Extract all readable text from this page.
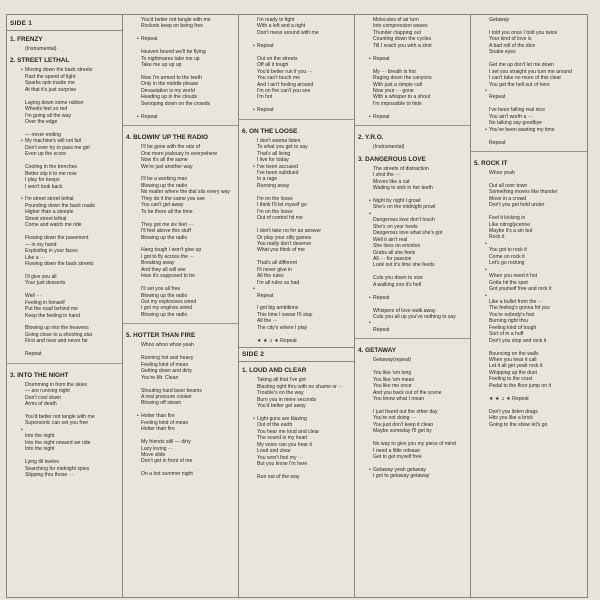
SIDE 1
1. FRENZY
(Instrumental)
2. STREET LETHAL
• Moving down the back streets
Past the speed of light
Sparks spin inside me
At that it's just surprise
Laying down some rubber
Wheels feel so red
I'm going all the way
Over the edge
— never ending
• My machine's will not fail
Don't ever try to pass me girl
Even up the score
Cooling in the trenches
Better slip it to me now
I play for keeps
I won't look back
• I'm street street lethal
Pounding down the back roads
Higher than a steeple
Street street lethal
Come and watch me ride
Flowing down the pavement
— in my hand
Exploding in your faces
Like a ···
Flowing down the back streets
I'll give you all
Your just desserts
Well ···
Feeling in himself
Put the road behind me
Keep the feeling in hand
Blowing up into the heavens
Going close to a shooting star
First and near and never far
Repeat
3. INTO THE NIGHT
Drumming in from the skies
— are running night
Don't cool down
Arms of death
You'd better not tangle with me
Supersonic can set you free
•
Into the night
Into the night onward we ride
Into the night
Lying till twelve
Searching for midnight spies
Slipping thru those ···
You'd better not tangle with me
Rockets keep on being free
• Repeat
Heaven bound we'll be flying
To nightmares take me up
Take me up up up
Now I'm armed to the teeth
Only in the middle please
Devastation is my world
Heading up in the clouds
Swooping down on the crowds
• Repeat
4. BLOWIN' UP THE RADIO
I'll be gone with the rats of
One more jealousy to everywhere
Now it's all the same
We're just another way
I'll be a working man
Blowing up the radio
No matter where the dial sits every way
They do it the same you see
You can't get away
To be there all the time
They got me six feet ···
I'll feel above this stuff
Blowing up the radio
Hang tough I won't give up
I got to fly across the ···
Breaking away
And they all will see
How it's supposed to be
I'll set you all free
Blowing up the radio
Got my explosives wired
I got my engines wired
Blowing up the radio
5. HOTTER THAN FIRE
Whoo whoo whoo yeah
Running hot and heavy
Feeling kind of mean
Getting down and dirty
You're Mr. Clean
Shouting hard laser beams
A real pressure cooker
Blowing off steam
• Hotter than fire
Feeling kind of mean
Hotter than fire
My friends still — dirty
Lazy loving ···
Move slide
Don't get in front of me
On a hot summer night
I'm ready to fight
With a left and a right
Don't mess around with me
• Repeat
Out on the streets
Off all it tough
You'd better run if you ···
You can't touch me
And I ain't fooling around
I'm on fire can't you see
I'm hot
• Repeat
6. ON THE LOOSE
I don't wanna listen
To what you got to say
That's all living
I live for today
• I've been accused
I've been subdued
In a rage
Running away
I'm on the loose
I think I'll let myself go
I'm on the loose
Out of control hit me
I don't take no for an answer
Or play your silly games
You really don't deserve
What you think of me
That's all different
I'll never give in
All the rules
I'm all rules so bad
•
Repeat
I got big ambitions
This time I swear I'll stay
All the ···
The city's where I play
★ ★ ♫ ★ Repeat
SIDE 2
1. LOUD AND CLEAR
Taking all that I've got
Blasting right thru with no shame or ···
Trouble's on the way
Burn you in mere seconds
You'd better get away
• Light guns are blazing
Out of the earth
You hear me loud and clear
The sound is my heart
My voice can you hear it
Loud and clear
You won't fool my ···
But you know I'm here
Run out of the way
Molecules of air turn
Into compression waves
Thunder clapping out
Counting down the cycles
Till I reach you with a shot
• Repeat
My ··· breath is hot
Raging down the canyons
With just a simple call
Now your ··· gone
With a whisper to a shout
I'm impossible to hide
• Repeat
2. Y.R.O.
(Instrumental)
3. DANGEROUS LOVE
The streets of distraction
I shot the ···
Moves like a cat
Waiting to sink in her teeth
• Night by night I growl
She's on the midnight prowl
•
Dangerous love don't touch
She's on your heels
Dangerous love what she's got
Well it ain't real
She lives on emotion
Grabs all she feels
All ··· for passion
Look out it's time she feeds
Cuts you down to size
A walking zoo it's hell
• Repeat
Whispers of love walk away
Cuts you all up you've nothing to say
•
Repeat
4. GETAWAY
Getaway(repeat)
You like 'em long
You like 'em mean
You like me once
And you back out of the scene
You know what I mean
I just found out the other day
You're not doing ···
You just don't keep it clean
Maybe someday I'll get by
No way to give you my piece of mind
I need a little release
Get to get myself free
• Getaway yeah getaway
I got to getaway getaway
Getaway
I told you once I told you twice
Your kind of love is
A bad roll of the dice
Snake eyes
Get me up don't let me down
I set you straight you turn me around
I can't take no more of this clear
You get the hell out of here
•
Repeat
I've been falling real nice
You ain't worth a ···
No talking say goodbye
• You've been wasting my time
Repeat
5. ROCK IT
Whoo yeah
Out all over town
Something moves like thunder
Move in a crowd
Don't you get held under
Feel it kicking in
Like nitroglycerine
Maybe it's a sin but
Rock it
•
You got to rock it
Come on rock it
Let's go rocking
•
When you need it hot
Gotta hit the spot
Got yourself free and rock it
•
Like a bullet from the ···
The feeling's gonna hit you
You're nobody's fool
Burning right thru
Feeling kind of tough
Sort of in a huff
Don't you stop and rock it
Bouncing on the walls
When you hear it call
Let it all get yeah rock it
Whipping up the dust
Feeling to the crust
Pedal to the floor jump on it
★ ★ ♫ ★ Repeat
Don't you listen drags
Hits you like a brick
Going to the show let's go
